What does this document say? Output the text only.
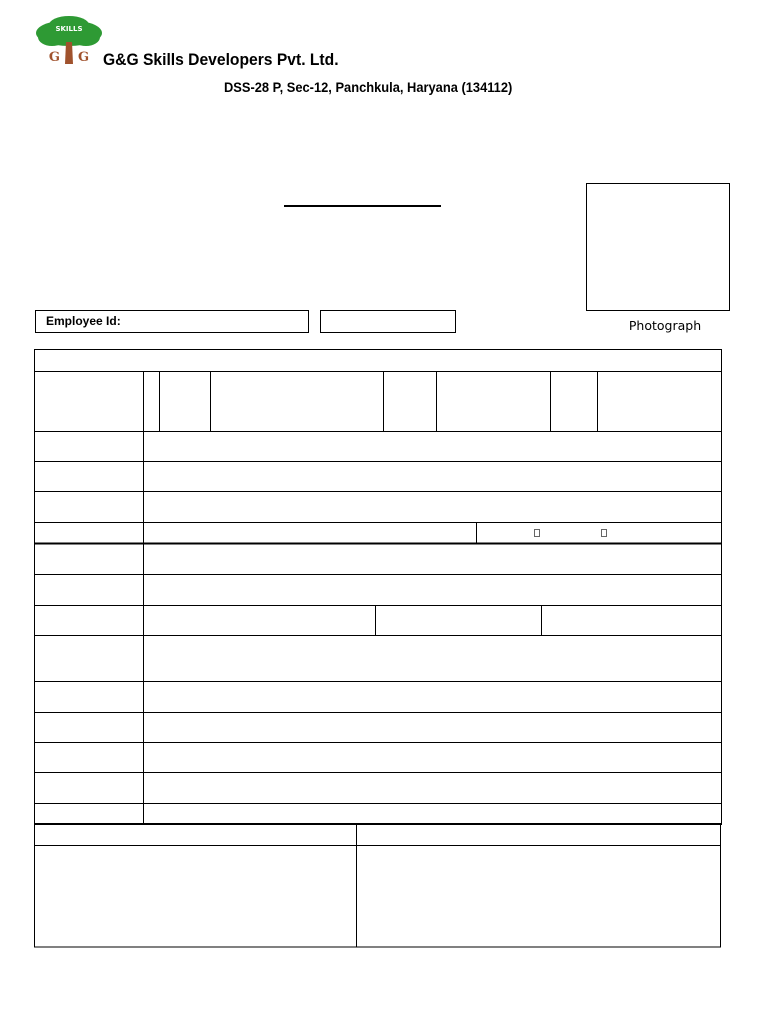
SKILLS
G G G&G Skills Developers Pvt. Ltd.
DSS-28 P, Sec-12, Panchkula, Haryana (134112)
Photograph
Employee Id:
